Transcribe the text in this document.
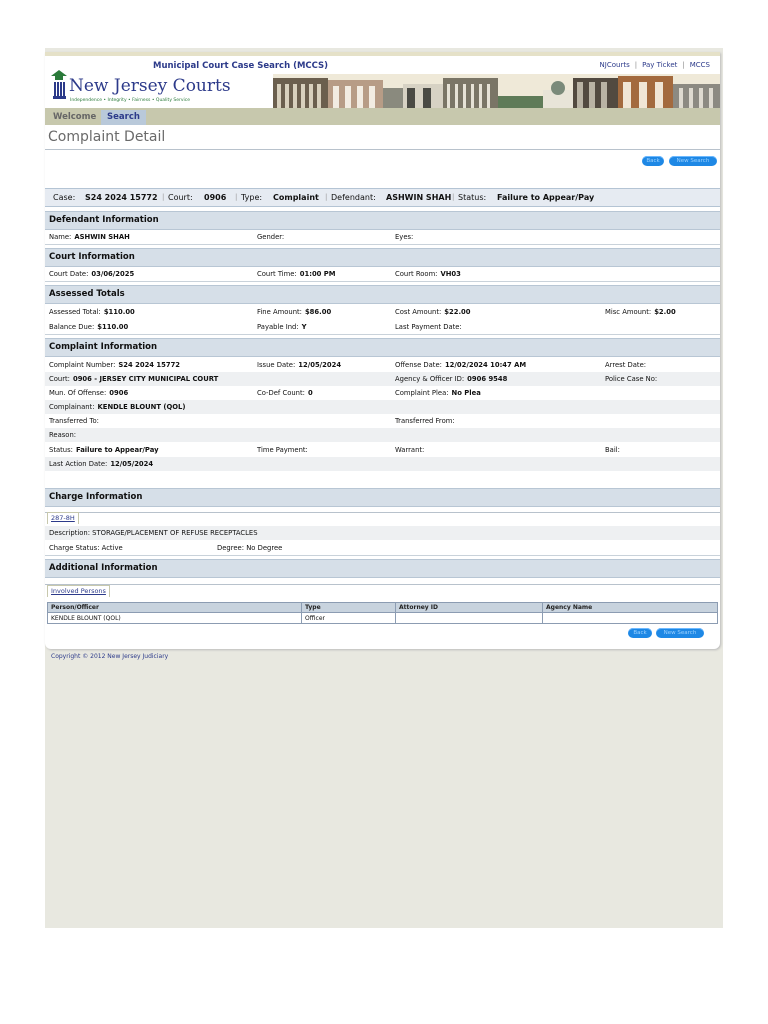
Municipal Court Case Search (MCCS)	NJCourts | Pay Ticket | MCCS
New Jersey Courts
Independence • Integrity • Fairness • Quality Service
Welcome	Search
Complaint Detail
Back	New Search
Case: S24 2024 15772 | Court: 0906 | Type: Complaint | Defendant: ASHWIN SHAH | Status: Failure to Appear/Pay
Defendant Information
Name: ASHWIN SHAH	Gender:	Eyes:
Court Information
Court Date: 03/06/2025	Court Time: 01:00 PM	Court Room: VH03
Assessed Totals
Assessed Total: $110.00	Fine Amount: $86.00	Cost Amount: $22.00	Misc Amount: $2.00
Balance Due: $110.00	Payable Ind: Y	Last Payment Date:
Complaint Information
Complaint Number: S24 2024 15772	Issue Date: 12/05/2024	Offense Date: 12/02/2024 10:47 AM	Arrest Date:
Court: 0906 - JERSEY CITY MUNICIPAL COURT	Agency & Officer ID: 0906 9548	Police Case No:
Mun. Of Offense: 0906	Co-Def Count: 0	Complaint Plea: No Plea
Complainant: KENDLE BLOUNT (QOL)
Transferred To:	Transferred From:
Reason:
Status: Failure to Appear/Pay	Time Payment:	Warrant:	Bail:
Last Action Date: 12/05/2024
Charge Information
287-8H
Description: STORAGE/PLACEMENT OF REFUSE RECEPTACLES
Charge Status: Active	Degree: No Degree
Additional Information
Involved Persons
Person/Officer	Type	Attorney ID	Agency Name
KENDLE BLOUNT (QOL)	Officer		
Back	New Search
Copyright © 2012 New Jersey Judiciary
